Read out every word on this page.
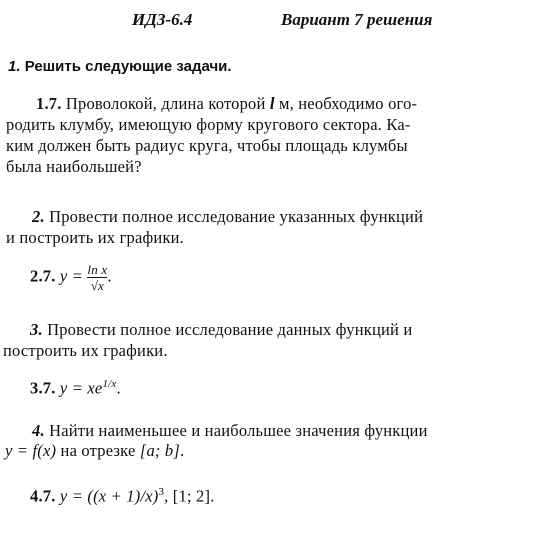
ИДЗ-6.4	Вариант 7 решения
1. Решить следующие задачи.
1.7. Проволокой, длина которой l м, необходимо ого-
родить клумбу, имеющую форму кругового сектора. Ка-
ким должен быть радиус круга, чтобы площадь клумбы
была наибольшей?
2. Провести полное исследование указанных функций
и построить их графики.
2.7. $y = \frac{\text{ln x}}{√x}$ .
3. Провести полное исследование данных функций и
построить их графики.
3.7. $y = xe^{1/x}$.
4. Найти наименьшее и наибольшее значения функции
y = f(x) на отрезке [a; b].
4.7. $y = ((x + 1)/x)^3$, [1; 2].
